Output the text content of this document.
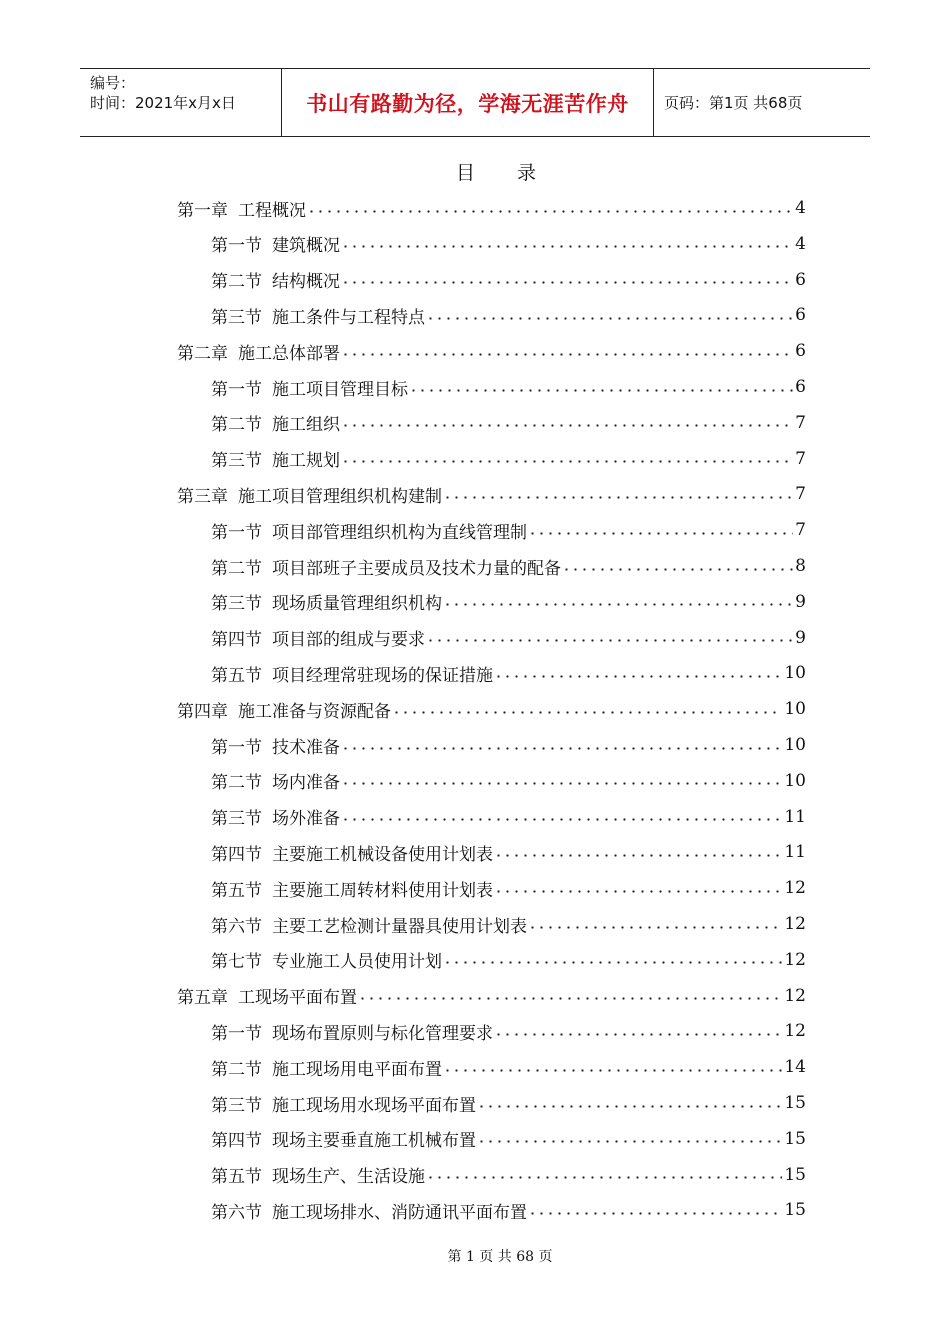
编号：
时间：2021年x月x日	书山有路勤为径，学海无涯苦作舟 页码：第1页 共68页
目 录
第一章 工程概况	4
第一节 建筑概况	4
第二节 结构概况	6
第三节 施工条件与工程特点	6
第二章 施工总体部署	6
第一节 施工项目管理目标	6
第二节 施工组织	7
第三节 施工规划	7
第三章 施工项目管理组织机构建制	7
第一节 项目部管理组织机构为直线管理制	7
第二节 项目部班子主要成员及技术力量的配备	8
第三节 现场质量管理组织机构	9
第四节 项目部的组成与要求	9
第五节 项目经理常驻现场的保证措施	10
第四章 施工准备与资源配备	10
第一节 技术准备	10
第二节 场内准备	10
第三节 场外准备	11
第四节 主要施工机械设备使用计划表	11
第五节 主要施工周转材料使用计划表	12
第六节 主要工艺检测计量器具使用计划表	12
第七节 专业施工人员使用计划	12
第五章 工现场平面布置	12
第一节 现场布置原则与标化管理要求	12
第二节 施工现场用电平面布置	14
第三节 施工现场用水现场平面布置	15
第四节 现场主要垂直施工机械布置	15
第五节 现场生产、生活设施	15
第六节 施工现场排水、消防通讯平面布置	15
第 1 页 共 68 页
